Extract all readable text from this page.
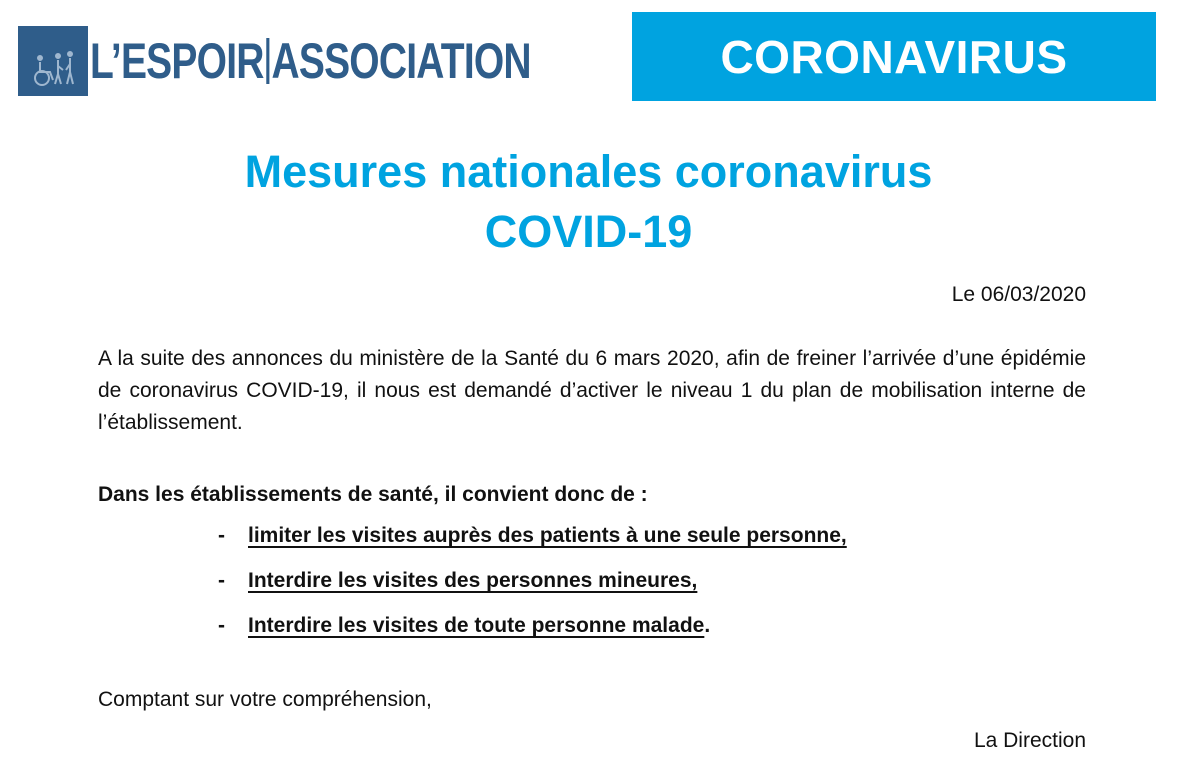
L’ESPOIR ASSOCIATION	CORONAVIRUS
Mesures nationales coronavirus
COVID-19
Le 06/03/2020

A la suite des annonces du ministère de la Santé du 6 mars 2020, afin de freiner l’arrivée d’une épidémie de coronavirus COVID-19, il nous est demandé d’activer le niveau 1 du plan de mobilisation interne de l’établissement.

Dans les établissements de santé, il convient donc de :
-	limiter les visites auprès des patients à une seule personne,
-	Interdire les visites des personnes mineures,
-	Interdire les visites de toute personne malade .
Comptant sur votre compréhension,
La Direction
